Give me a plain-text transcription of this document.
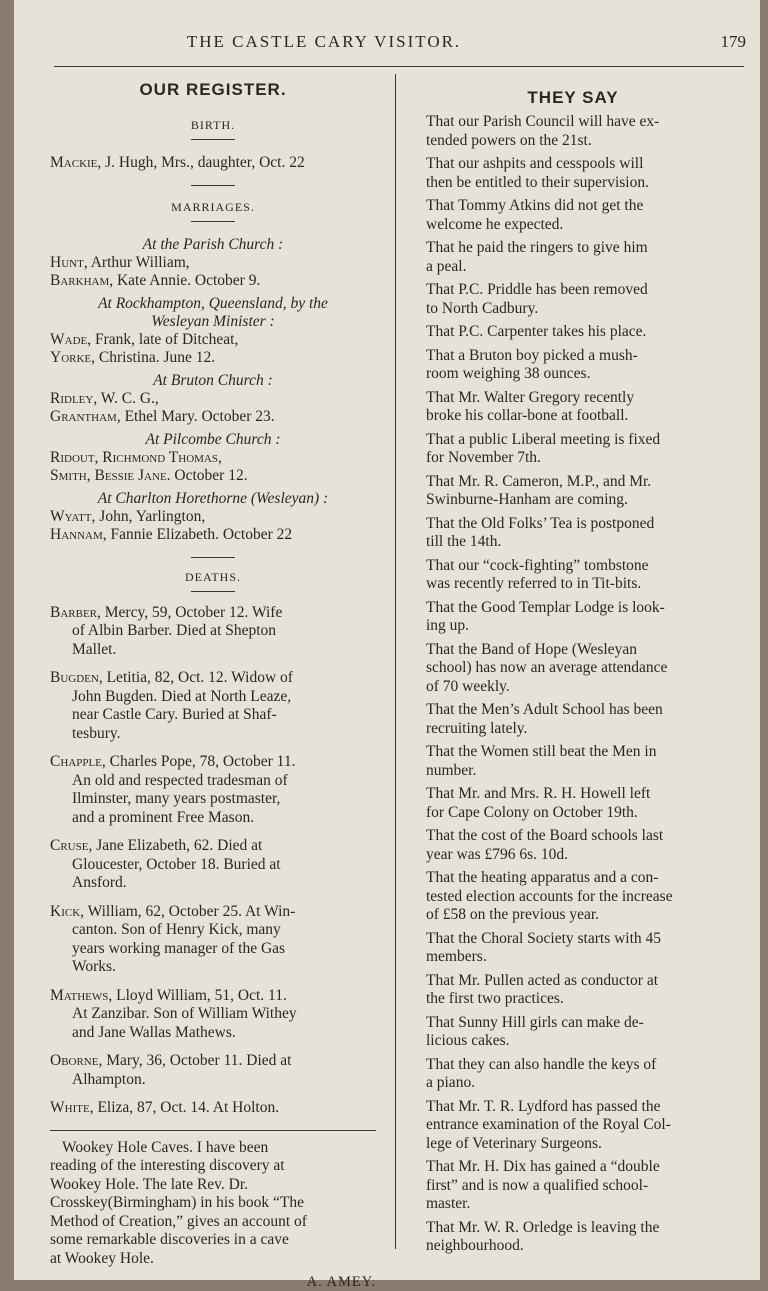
THE CASTLE CARY VISITOR.	179
OUR REGISTER.
BIRTH.
Mackie, J. Hugh, Mrs., daughter, Oct. 22
MARRIAGES.
At the Parish Church :
Hunt, Arthur William,
Barkham, Kate Annie. October 9.
At Rockhampton, Queensland, by the
Wesleyan Minister :
Wade, Frank, late of Ditcheat,
Yorke, Christina. June 12.
At Bruton Church :
Ridley, W. C. G.,
Grantham, Ethel Mary. October 23.
At Pilcombe Church :
Ridout, Richmond Thomas,
Smith, Bessie Jane. October 12.
At Charlton Horethorne (Wesleyan) :
Wyatt, John, Yarlington,
Hannam, Fannie Elizabeth. October 22
DEATHS.
Barber, Mercy, 59, October 12. Wife
of Albin Barber. Died at Shepton
Mallet.
Bugden, Letitia, 82, Oct. 12. Widow of
John Bugden. Died at North Leaze,
near Castle Cary. Buried at Shaf-
tesbury.
Chapple, Charles Pope, 78, October 11.
An old and respected tradesman of
Ilminster, many years postmaster,
and a prominent Free Mason.
Cruse, Jane Elizabeth, 62. Died at
Gloucester, October 18. Buried at
Ansford.
Kick, William, 62, October 25. At Win-
canton. Son of Henry Kick, many
years working manager of the Gas
Works.
Mathews, Lloyd William, 51, Oct. 11.
At Zanzibar. Son of William Withey
and Jane Wallas Mathews.
Oborne, Mary, 36, October 11. Died at
Alhampton.
White, Eliza, 87, Oct. 14. At Holton.
Wookey Hole Caves. I have been
reading of the interesting discovery at
Wookey Hole. The late Rev. Dr.
Crosskey(Birmingham) in his book “The
Method of Creation,” gives an account of
some remarkable discoveries in a cave
at Wookey Hole.
A. AMEY.
THEY SAY
That our Parish Council will have ex-
tended powers on the 21st.
That our ashpits and cesspools will
then be entitled to their supervision.
That Tommy Atkins did not get the
welcome he expected.
That he paid the ringers to give him
a peal.
That P.C. Priddle has been removed
to North Cadbury.
That P.C. Carpenter takes his place.
That a Bruton boy picked a mush-
room weighing 38 ounces.
That Mr. Walter Gregory recently
broke his collar-bone at football.
That a public Liberal meeting is fixed
for November 7th.
That Mr. R. Cameron, M.P., and Mr.
Swinburne-Hanham are coming.
That the Old Folks’ Tea is postponed
till the 14th.
That our “cock-fighting” tombstone
was recently referred to in Tit-bits.
That the Good Templar Lodge is look-
ing up.
That the Band of Hope (Wesleyan
school) has now an average attendance
of 70 weekly.
That the Men’s Adult School has been
recruiting lately.
That the Women still beat the Men in
number.
That Mr. and Mrs. R. H. Howell left
for Cape Colony on October 19th.
That the cost of the Board schools last
year was £796 6s. 10d.
That the heating apparatus and a con-
tested election accounts for the increase
of £58 on the previous year.
That the Choral Society starts with 45
members.
That Mr. Pullen acted as conductor at
the first two practices.
That Sunny Hill girls can make de-
licious cakes.
That they can also handle the keys of
a piano.
That Mr. T. R. Lydford has passed the
entrance examination of the Royal Col-
lege of Veterinary Surgeons.
That Mr. H. Dix has gained a “double
first” and is now a qualified school-
master.
That Mr. W. R. Orledge is leaving the
neighbourhood.
